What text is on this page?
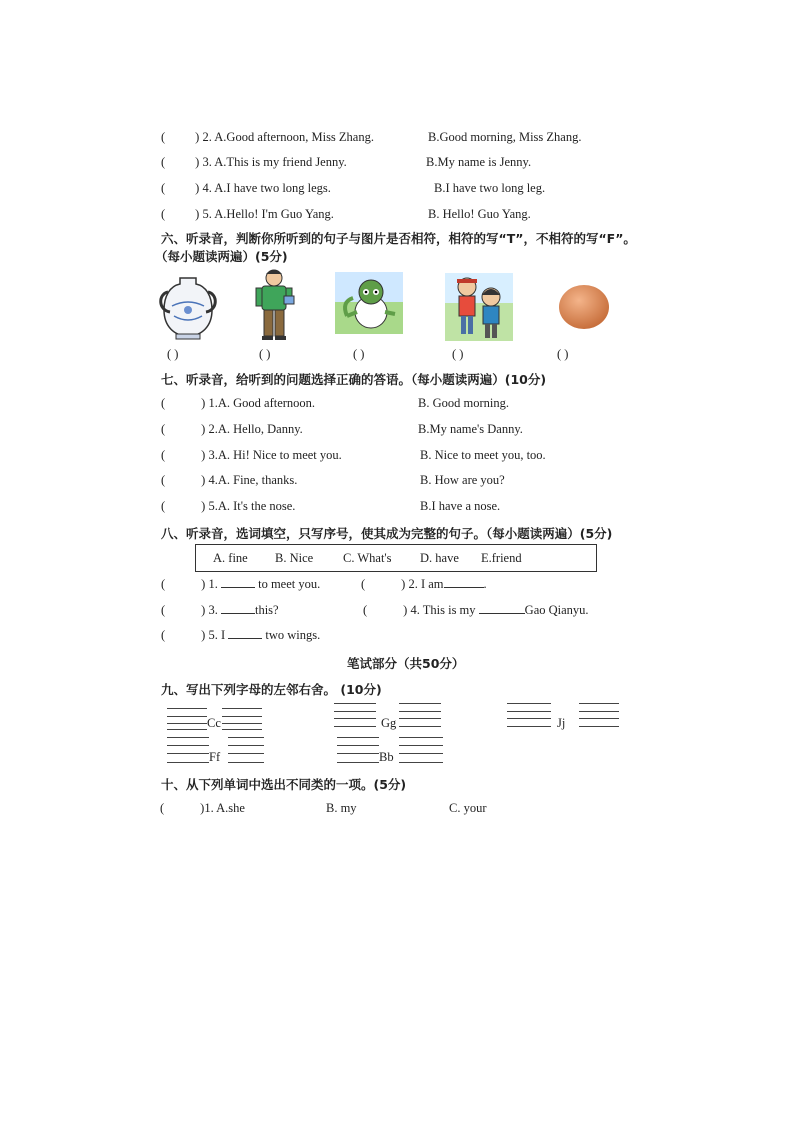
( ) 2. A.Good afternoon, Miss Zhang.	B.Good morning, Miss Zhang.
( ) 3. A.This is my friend Jenny.	B.My name is Jenny.
( ) 4. A.I have two long legs.	B.I have two long leg.
( ) 5. A.Hello! I'm Guo Yang.	B. Hello! Guo Yang.
六、听录音，判断你所听到的句子与图片是否相符，相符的写“T”，不相符的写“F”。
（每小题读两遍）(5分)
( )	( )	( )	( )	( )
七、听录音，给听到的问题选择正确的答语。（每小题读两遍）(10分)
(	) 1.A. Good afternoon.	B. Good morning.
(	) 2.A. Hello, Danny.	B.My name's Danny.
(	) 3.A. Hi! Nice to meet you.	B. Nice to meet you, too.
(	) 4.A. Fine, thanks.	B. How are you?
(	) 5.A. It's the nose.	B.I have a nose.
八、听录音，选词填空，只写序号，使其成为完整的句子。（每小题读两遍）(5分)
A. fine B. Nice C. What's D. have E.friend
(	) 1.	to meet you.	(	) 2. I am	.
(	) 3.	this?	(	) 4. This is my	Gao Qianyu.
(	) 5. I	two wings.
笔试部分（共50分）
九、写出下列字母的左邻右舍。 (10分)
Cc	Gg	Jj
Ff	Bb
十、从下列单词中选出不同类的一项。(5分)
(	)1. A.she	B. my	C. your
